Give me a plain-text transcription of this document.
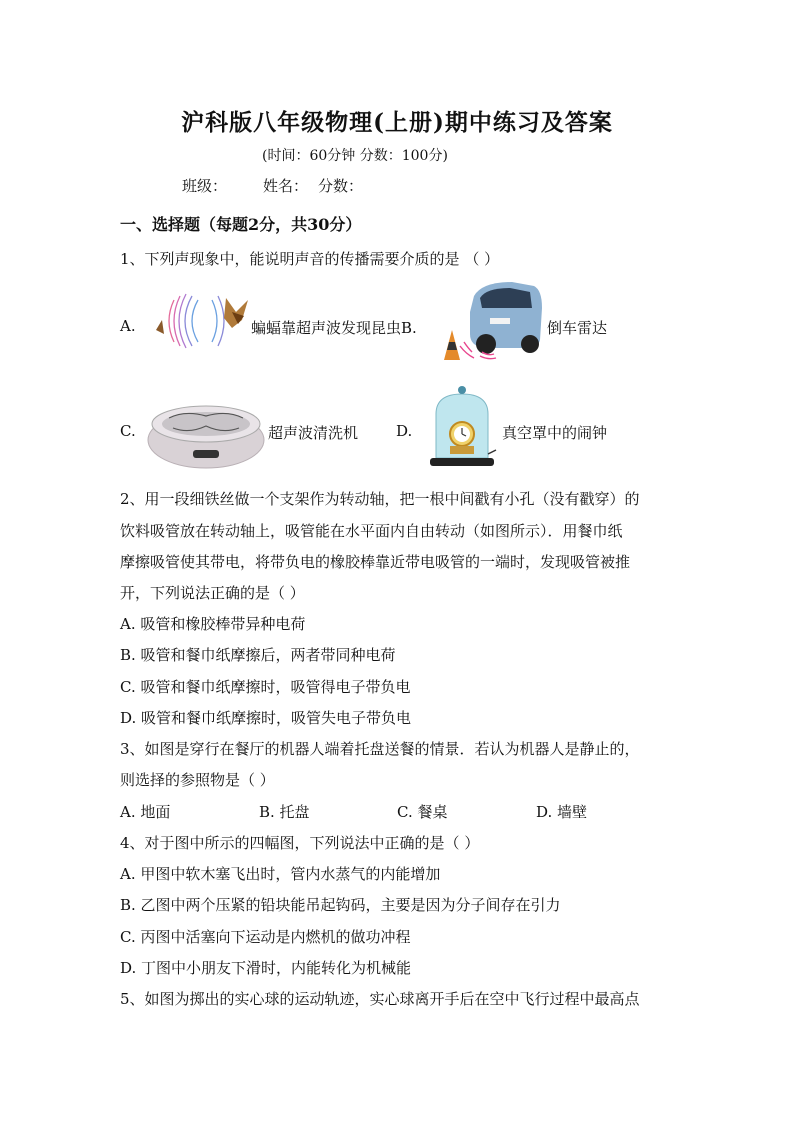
沪科版八年级物理(上册)期中练习及答案
(时间：60分钟 分数：100分)
班级： 姓名： 分数：
一、选择题（每题2分，共30分）
1、下列声现象中，能说明声音的传播需要介质的是 （ ）
A.	蝙蝠靠超声波发现昆虫B.	倒车雷达
C.	超声波清洗机	D.	真空罩中的闹钟
2、用一段细铁丝做一个支架作为转动轴，把一根中间戳有小孔（没有戳穿）的
饮料吸管放在转动轴上，吸管能在水平面内自由转动（如图所示）．用餐巾纸
摩擦吸管使其带电，将带负电的橡胶棒靠近带电吸管的一端时，发现吸管被推
开，下列说法正确的是（ ）
A. 吸管和橡胶棒带异种电荷
B. 吸管和餐巾纸摩擦后，两者带同种电荷
C. 吸管和餐巾纸摩擦时，吸管得电子带负电
D. 吸管和餐巾纸摩擦时，吸管失电子带负电
3、如图是穿行在餐厅的机器人端着托盘送餐的情景．若认为机器人是静止的，
则选择的参照物是（ ）
A. 地面	B. 托盘	C. 餐桌	D. 墙壁
4、对于图中所示的四幅图，下列说法中正确的是（ ）
A. 甲图中软木塞飞出时，管内水蒸气的内能增加
B. 乙图中两个压紧的铅块能吊起钩码，主要是因为分子间存在引力
C. 丙图中活塞向下运动是内燃机的做功冲程
D. 丁图中小朋友下滑时，内能转化为机械能
5、如图为掷出的实心球的运动轨迹，实心球离开手后在空中飞行过程中最高点
